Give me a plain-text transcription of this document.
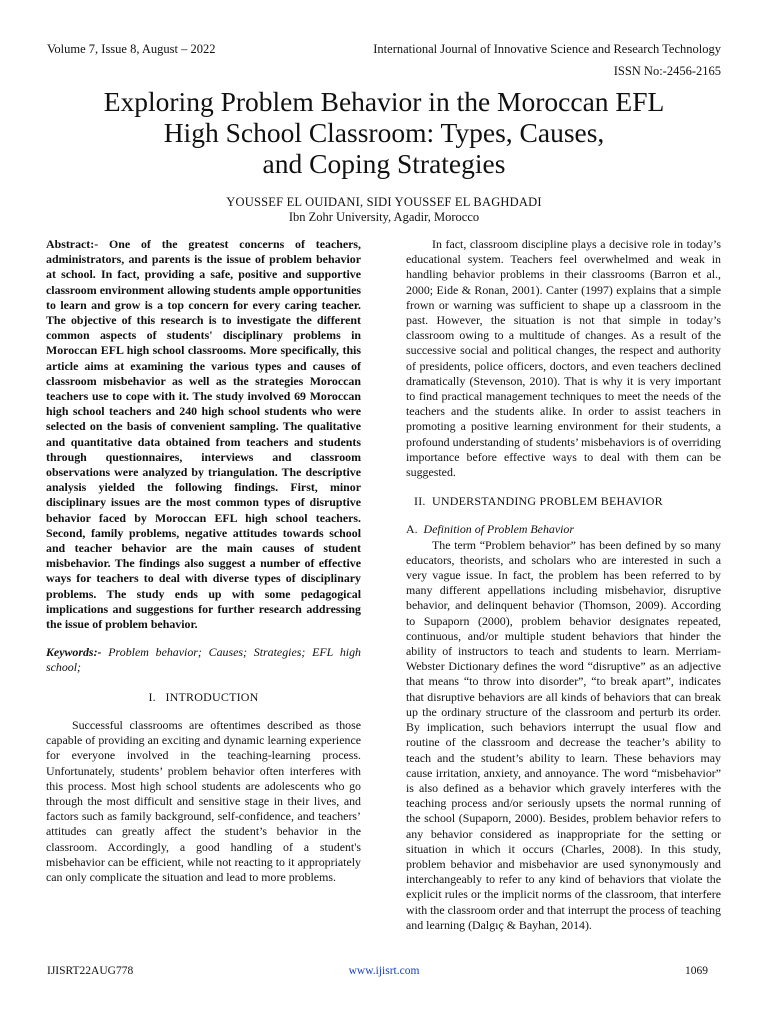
Volume 7, Issue 8, August – 2022	International Journal of Innovative Science and Research Technology
ISSN No:-2456-2165
Exploring Problem Behavior in the Moroccan EFL
High School Classroom: Types, Causes,
and Coping Strategies
YOUSSEF EL OUIDANI, SIDI YOUSSEF EL BAGHDADI
Ibn Zohr University, Agadir, Morocco

Abstract:- One of the greatest concerns of teachers, administrators, and parents is the issue of problem behavior at school. In fact, providing a safe, positive and supportive classroom environment allowing students ample opportunities to learn and grow is a top concern for every caring teacher. The objective of this research is to investigate the different common aspects of students' disciplinary problems in Moroccan EFL high school classrooms. More specifically, this article aims at examining the various types and causes of classroom misbehavior as well as the strategies Moroccan teachers use to cope with it. The study involved 69 Moroccan high school teachers and 240 high school students who were selected on the basis of convenient sampling. The qualitative and quantitative data obtained from teachers and students through questionnaires, interviews and classroom observations were analyzed by triangulation. The descriptive analysis yielded the following findings. First, minor disciplinary issues are the most common types of disruptive behavior faced by Moroccan EFL high school teachers. Second, family problems, negative attitudes towards school and teacher behavior are the main causes of student misbehavior. The findings also suggest a number of effective ways for teachers to deal with diverse types of disciplinary problems. The study ends up with some pedagogical implications and suggestions for further research addressing the issue of problem behavior.

Keywords:- Problem behavior; Causes; Strategies; EFL high school;

I.   INTRODUCTION

Successful classrooms are oftentimes described as those capable of providing an exciting and dynamic learning experience for everyone involved in the teaching-learning process. Unfortunately, students’ problem behavior often interferes with this process. Most high school students are adolescents who go through the most difficult and sensitive stage in their lives, and factors such as family background, self-confidence, and teachers’ attitudes can greatly affect the student’s behavior in the classroom. Accordingly, a good handling of a student's misbehavior can be efficient, while not reacting to it appropriately can only complicate the situation and lead to more problems.

In fact, classroom discipline plays a decisive role in today’s educational system. Teachers feel overwhelmed and weak in handling behavior problems in their classrooms (Barron et al., 2000; Eide & Ronan, 2001). Canter (1997) explains that a simple frown or warning was sufficient to shape up a classroom in the past. However, the situation is not that simple in today’s classroom owing to a multitude of changes. As a result of the successive social and political changes, the respect and authority of presidents, police officers, doctors, and even teachers declined dramatically (Stevenson, 2010). That is why it is very important to find practical management techniques to meet the needs of the teachers and the students alike. In order to assist teachers in promoting a positive learning environment for their students, a profound understanding of students’ misbehaviors is of overriding importance before effective ways to deal with them can be suggested.

II.  UNDERSTANDING PROBLEM BEHAVIOR
A. Definition of Problem Behavior

The term “Problem behavior” has been defined by so many educators, theorists, and scholars who are interested in such a very vague issue. In fact, the problem has been referred to by many different appellations including misbehavior, disruptive behavior, and delinquent behavior (Thomson, 2009). According to Supaporn (2000), problem behavior designates repeated, continuous, and/or multiple student behaviors that hinder the ability of instructors to teach and students to learn. Merriam-Webster Dictionary defines the word “disruptive” as an adjective that means “to throw into disorder”, “to break apart”, indicates that disruptive behaviors are all kinds of behaviors that can break up the ordinary structure of the classroom and perturb its order. By implication, such behaviors interrupt the usual flow and routine of the classroom and decrease the teacher’s ability to teach and the student’s ability to learn. These behaviors may cause irritation, anxiety, and annoyance. The word “misbehavior” is also defined as a behavior which gravely interferes with the teaching process and/or seriously upsets the normal running of the school (Supaporn, 2000). Besides, problem behavior refers to any behavior considered as inappropriate for the setting or situation in which it occurs (Charles, 2008). In this study, problem behavior and misbehavior are used synonymously and interchangeably to refer to any kind of behaviors that violate the explicit rules or the implicit norms of the classroom, that interfere with the classroom order and that interrupt the process of teaching and learning (Dalgıç & Bayhan, 2014).

IJISRT22AUG778	www.ijisrt.com	1069
